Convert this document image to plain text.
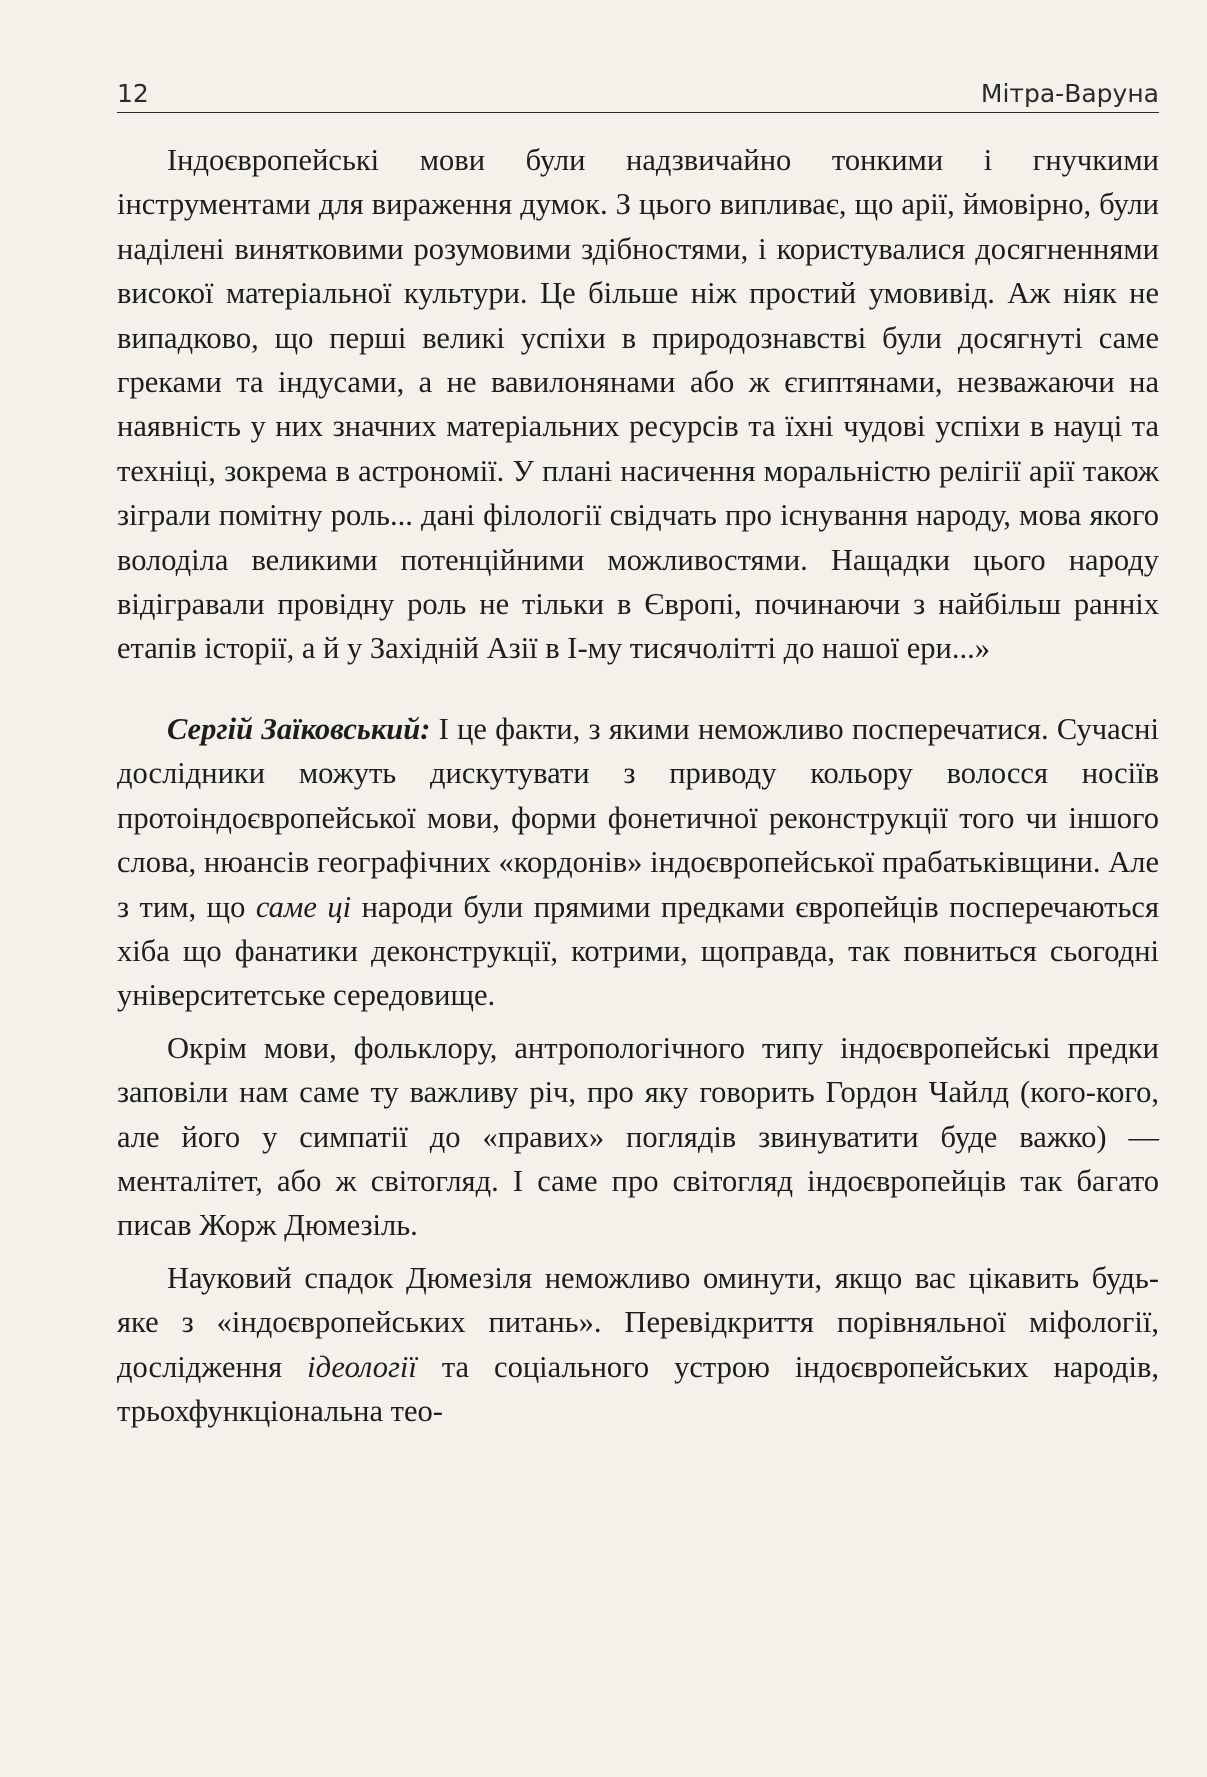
12	Мітра-Варуна

Індоєвропейські мови були надзвичайно тонкими і гнучкими інструментами для вираження думок. З цього випливає, що арії, ймовірно, були наділені винятковими розумовими здібностями, і користувалися досягненнями високої матеріальної культури. Це більше ніж простий умовивід. Аж ніяк не випадково, що перші великі успіхи в природознавстві були досягнуті саме греками та індусами, а не вавилонянами або ж єгиптянами, незважаючи на наявність у них значних матеріальних ресурсів та їхні чудові успіхи в науці та техніці, зокрема в астрономії. У плані насичення моральністю релігії арії також зіграли помітну роль... дані філології свідчать про існування народу, мова якого володіла великими потенційними можливостями. Нащадки цього народу відігравали провідну роль не тільки в Європі, починаючи з найбільш ранніх етапів історії, а й у Західній Азії в І-му тисячолітті до нашої ери...»

Сергій Заїковський: І це факти, з якими неможливо посперечатися. Сучасні дослідники можуть дискутувати з приводу кольору волосся носіїв протоіндоєвропейської мови, форми фонетичної реконструкції того чи іншого слова, нюансів географічних «кордонів» індоєвропейської прабатьківщини. Але з тим, що саме ці народи були прямими предками європейців посперечаються хіба що фанатики деконструкції, котрими, щоправда, так повниться сьогодні університетське середовище.

Окрім мови, фольклору, антропологічного типу індоєвропейські предки заповіли нам саме ту важливу річ, про яку говорить Гордон Чайлд (кого-кого, але його у симпатії до «правих» поглядів звинуватити буде важко) — менталітет, або ж світогляд. І саме про світогляд індоєвропейців так багато писав Жорж Дюмезіль.

Науковий спадок Дюмезіля неможливо оминути, якщо вас цікавить будь-яке з «індоєвропейських питань». Перевідкриття порівняльної міфології, дослідження ідеології та соціального устрою індоєвропейських народів, трьохфункціональна тео-
